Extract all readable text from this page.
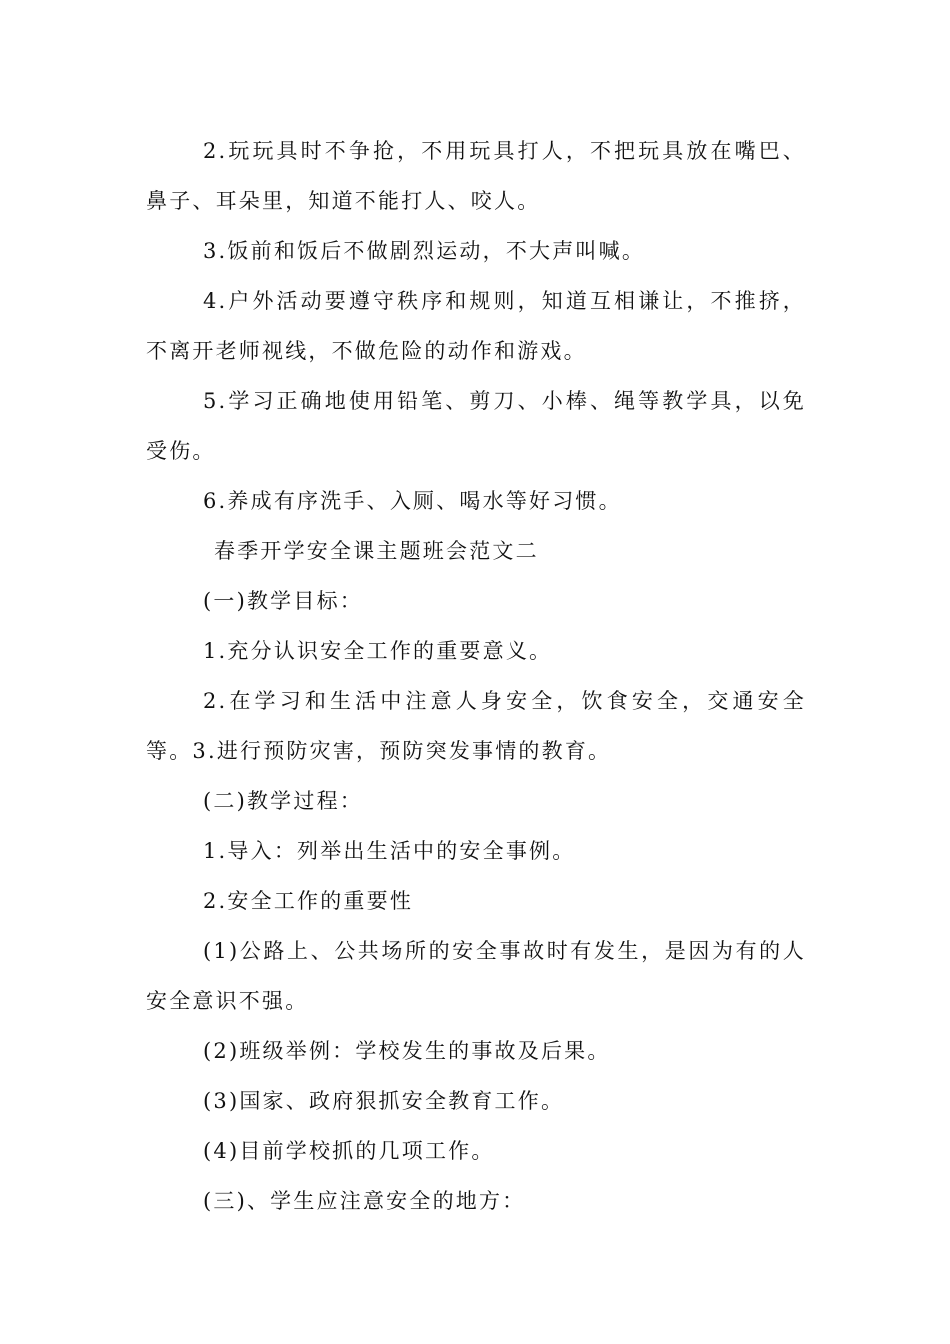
2.玩玩具时不争抢，不用玩具打人，不把玩具放在嘴巴、鼻子、耳朵里，知道不能打人、咬人。

3.饭前和饭后不做剧烈运动，不大声叫喊。

4.户外活动要遵守秩序和规则，知道互相谦让，不推挤，不离开老师视线，不做危险的动作和游戏。

5.学习正确地使用铅笔、剪刀、小棒、绳等教学具，以免受伤。

6.养成有序洗手、入厕、喝水等好习惯。

春季开学安全课主题班会范文二

(一)教学目标：

1.充分认识安全工作的重要意义。

2.在学习和生活中注意人身安全，饮食安全，交通安全等。3.进行预防灾害，预防突发事情的教育。

(二)教学过程：

1.导入：列举出生活中的安全事例。

2.安全工作的重要性

(1)公路上、公共场所的安全事故时有发生，是因为有的人安全意识不强。

(2)班级举例：学校发生的事故及后果。

(3)国家、政府狠抓安全教育工作。

(4)目前学校抓的几项工作。

(三)、学生应注意安全的地方：
